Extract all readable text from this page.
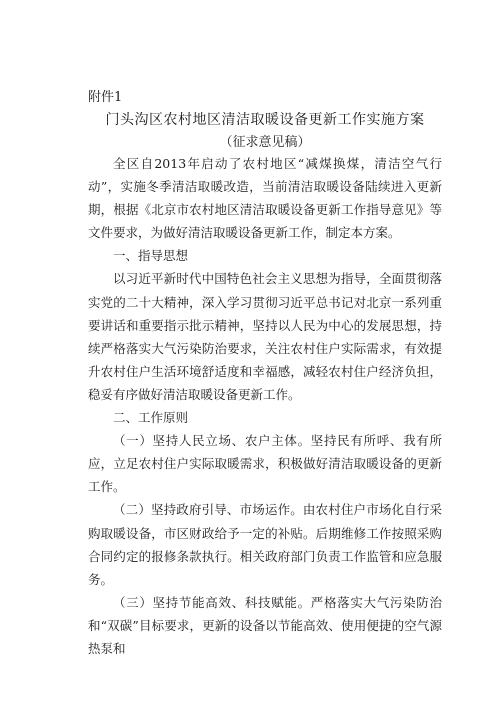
附件1
门头沟区农村地区清洁取暖设备更新工作实施方案
（征求意见稿）

全区自2013年启动了农村地区“减煤换煤，清洁空气行动”，实施冬季清洁取暖改造，当前清洁取暖设备陆续进入更新期，根据《北京市农村地区清洁取暖设备更新工作指导意见》等文件要求，为做好清洁取暖设备更新工作，制定本方案。

一、指导思想

以习近平新时代中国特色社会主义思想为指导，全面贯彻落实党的二十大精神，深入学习贯彻习近平总书记对北京一系列重要讲话和重要指示批示精神，坚持以人民为中心的发展思想，持续严格落实大气污染防治要求，关注农村住户实际需求，有效提升农村住户生活环境舒适度和幸福感，减轻农村住户经济负担，稳妥有序做好清洁取暖设备更新工作。

二、工作原则

（一）坚持人民立场、农户主体。坚持民有所呼、我有所应，立足农村住户实际取暖需求，积极做好清洁取暖设备的更新工作。

（二）坚持政府引导、市场运作。由农村住户市场化自行采购取暖设备，市区财政给予一定的补贴。后期维修工作按照采购合同约定的报修条款执行。相关政府部门负责工作监管和应急服务。

（三）坚持节能高效、科技赋能。严格落实大气污染防治和“双碳”目标要求，更新的设备以节能高效、使用便捷的空气源热泵和
